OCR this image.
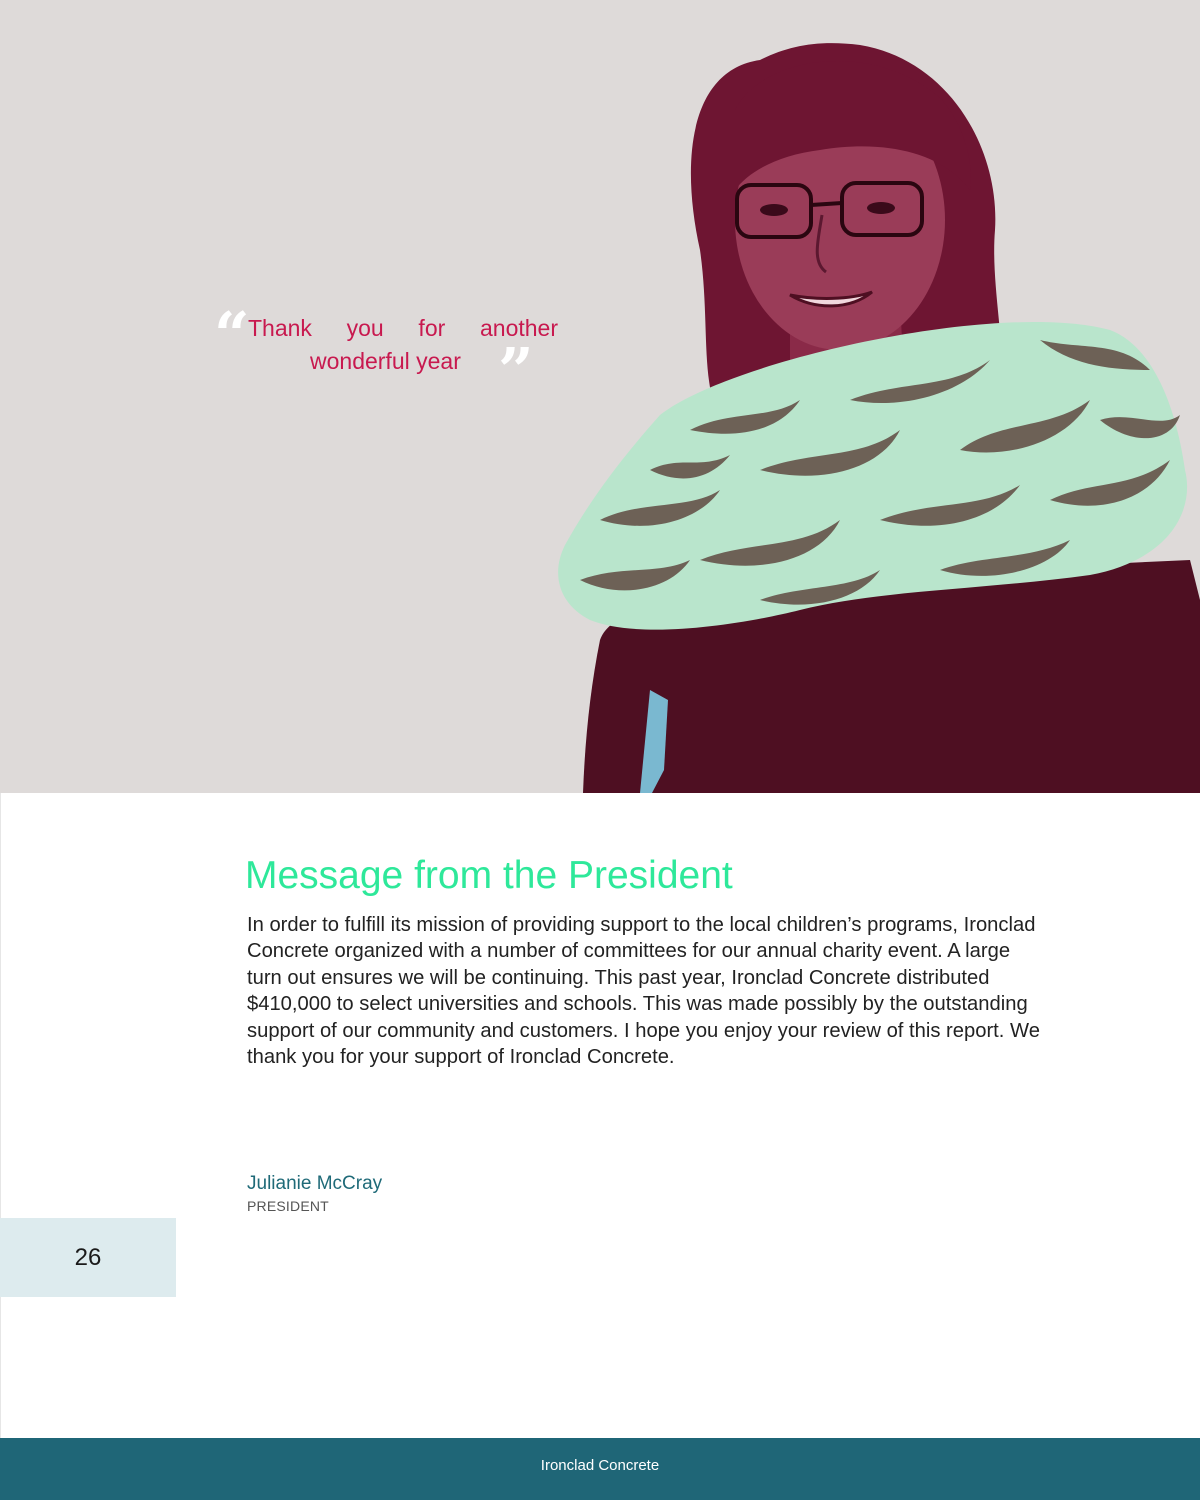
“
Thank you for another
wonderful year ”
Message from the President

In order to fulfill its mission of providing support to the local children’s programs, Ironclad Concrete organized with a number of committees for our annual charity event. A large turn out ensures we will be continuing. This past year, Ironclad Concrete distributed $410,000 to select universities and schools. This was made possibly by the outstanding support of our community and customers. I hope you enjoy your review of this report. We thank you for your support of Ironclad Concrete.

Julianie McCray
PRESIDENT
26
Ironclad Concrete
